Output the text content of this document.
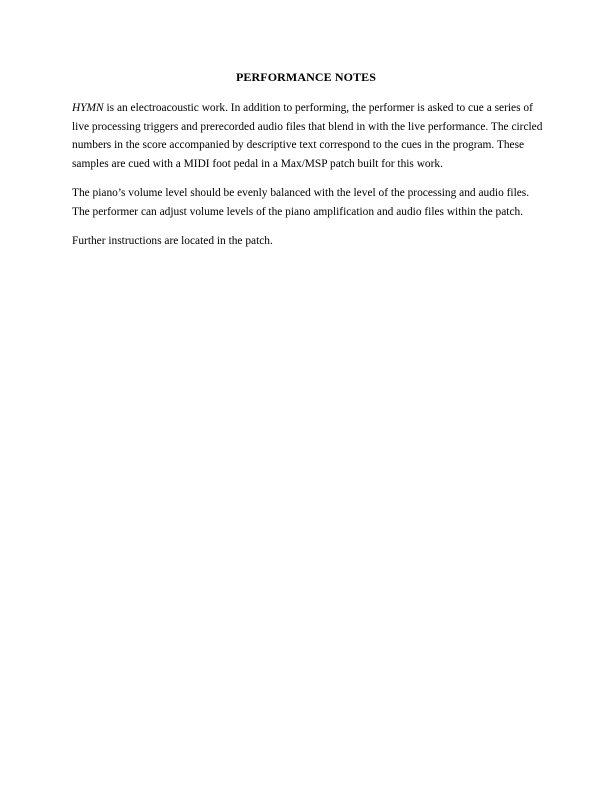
PERFORMANCE NOTES

HYMN is an electroacoustic work. In addition to performing, the performer is asked to cue a series of live processing triggers and prerecorded audio files that blend in with the live performance. The circled numbers in the score accompanied by descriptive text correspond to the cues in the program. These samples are cued with a MIDI foot pedal in a Max/MSP patch built for this work.

The piano’s volume level should be evenly balanced with the level of the processing and audio files. The performer can adjust volume levels of the piano amplification and audio files within the patch.

Further instructions are located in the patch.
